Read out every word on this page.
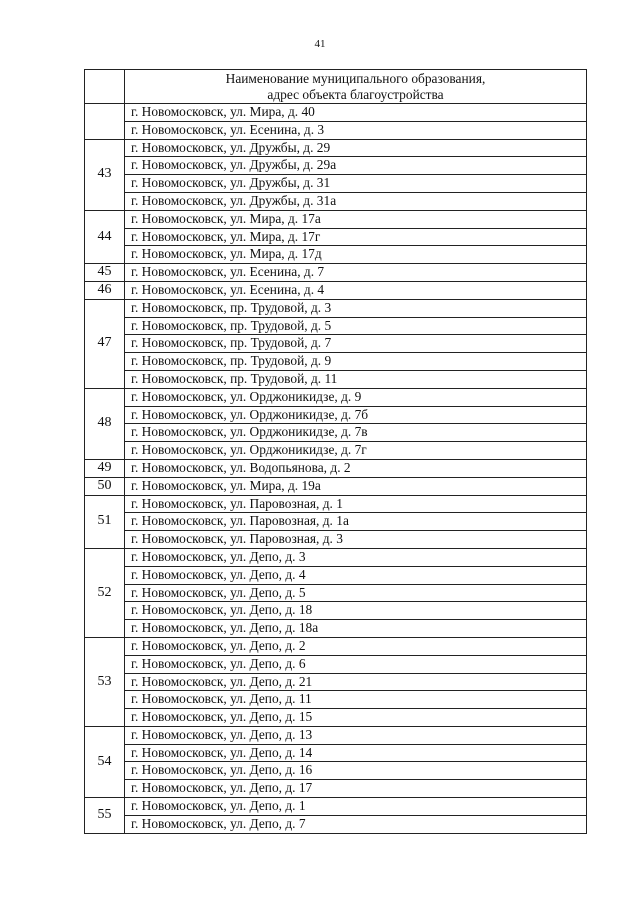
41

	Наименование муниципального образования,
адрес объекта благоустройства

	г. Новомосковск, ул. Мира, д. 40
	г. Новомосковск, ул. Есенина, д. 3
43	г. Новомосковск, ул. Дружбы, д. 29
	г. Новомосковск, ул. Дружбы, д. 29а
	г. Новомосковск, ул. Дружбы, д. 31
	г. Новомосковск, ул. Дружбы, д. 31а
44	г. Новомосковск, ул. Мира, д. 17а
	г. Новомосковск, ул. Мира, д. 17г
	г. Новомосковск, ул. Мира, д. 17д
45	г. Новомосковск, ул. Есенина, д. 7
46	г. Новомосковск, ул. Есенина, д. 4
47	г. Новомосковск, пр. Трудовой, д. 3
	г. Новомосковск, пр. Трудовой, д. 5
	г. Новомосковск, пр. Трудовой, д. 7
	г. Новомосковск, пр. Трудовой, д. 9
	г. Новомосковск, пр. Трудовой, д. 11
48	г. Новомосковск, ул. Орджоникидзе, д. 9
	г. Новомосковск, ул. Орджоникидзе, д. 7б
	г. Новомосковск, ул. Орджоникидзе, д. 7в
	г. Новомосковск, ул. Орджоникидзе, д. 7г
49	г. Новомосковск, ул. Водопьянова, д. 2
50	г. Новомосковск, ул. Мира, д. 19а
51	г. Новомосковск, ул. Паровозная, д. 1
	г. Новомосковск, ул. Паровозная, д. 1а
	г. Новомосковск, ул. Паровозная, д. 3
52	г. Новомосковск, ул. Депо, д. 3
	г. Новомосковск, ул. Депо, д. 4
	г. Новомосковск, ул. Депо, д. 5
	г. Новомосковск, ул. Депо, д. 18
	г. Новомосковск, ул. Депо, д. 18а
53	г. Новомосковск, ул. Депо, д. 2
	г. Новомосковск, ул. Депо, д. 6
	г. Новомосковск, ул. Депо, д. 21
	г. Новомосковск, ул. Депо, д. 11
	г. Новомосковск, ул. Депо, д. 15
54	г. Новомосковск, ул. Депо, д. 13
	г. Новомосковск, ул. Депо, д. 14
	г. Новомосковск, ул. Депо, д. 16
	г. Новомосковск, ул. Депо, д. 17
55	г. Новомосковск, ул. Депо, д. 1
	г. Новомосковск, ул. Депо, д. 7
